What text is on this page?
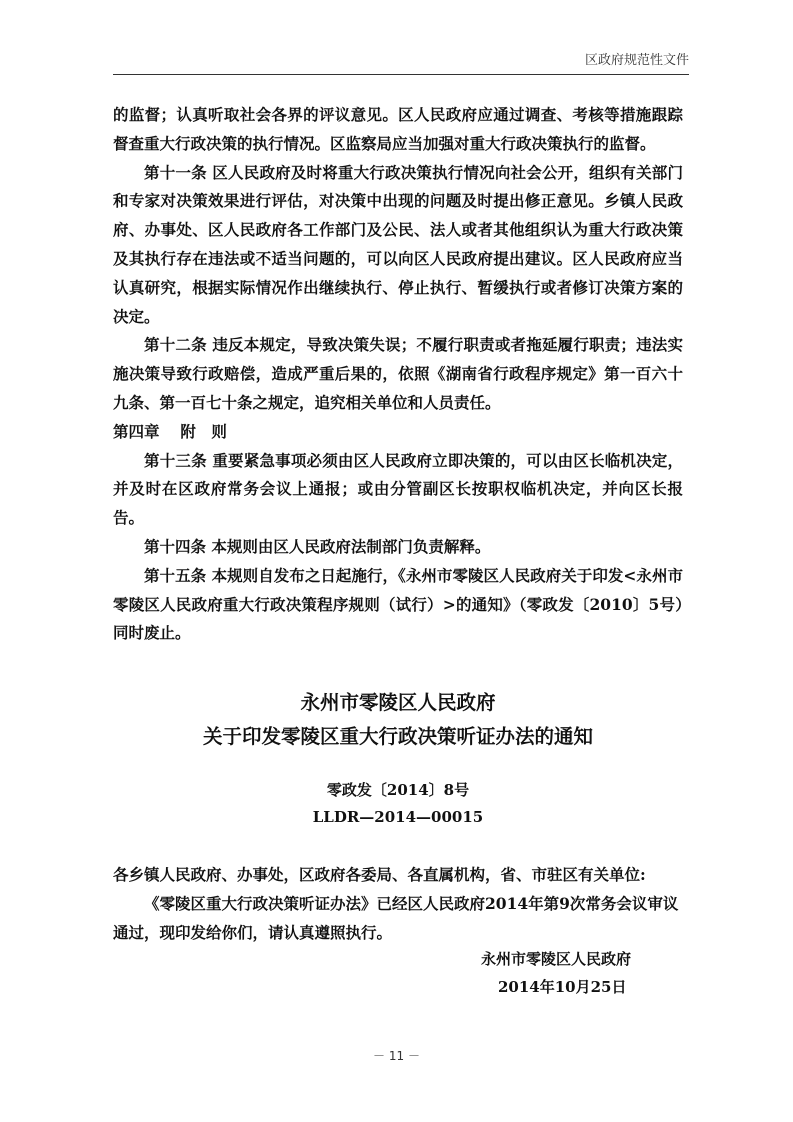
区政府规范性文件

的监督；认真听取社会各界的评议意见。区人民政府应通过调查、考核等措施跟踪督查重大行政决策的执行情况。区监察局应当加强对重大行政决策执行的监督。

第十一条 区人民政府及时将重大行政决策执行情况向社会公开，组织有关部门和专家对决策效果进行评估，对决策中出现的问题及时提出修正意见。乡镇人民政府、办事处、区人民政府各工作部门及公民、法人或者其他组织认为重大行政决策及其执行存在违法或不适当问题的，可以向区人民政府提出建议。区人民政府应当认真研究，根据实际情况作出继续执行、停止执行、暂缓执行或者修订决策方案的决定。

第十二条 违反本规定，导致决策失误；不履行职责或者拖延履行职责；违法实施决策导致行政赔偿，造成严重后果的，依照《湖南省行政程序规定》第一百六十九条、第一百七十条之规定，追究相关单位和人员责任。

第四章　 附　则

第十三条 重要紧急事项必须由区人民政府立即决策的，可以由区长临机决定，并及时在区政府常务会议上通报；或由分管副区长按职权临机决定，并向区长报告。

第十四条 本规则由区人民政府法制部门负责解释。

第十五条 本规则自发布之日起施行，《永州市零陵区人民政府关于印发<永州市零陵区人民政府重大行政决策程序规则（试行）>的通知》（零政发〔2010〕5号）同时废止。

永州市零陵区人民政府
关于印发零陵区重大行政决策听证办法的通知
零政发〔2014〕8号
LLDR—2014—00015

各乡镇人民政府、办事处，区政府各委局、各直属机构，省、市驻区有关单位:

《零陵区重大行政决策听证办法》已经区人民政府2014年第9次常务会议审议通过，现印发给你们，请认真遵照执行。

永州市零陵区人民政府
2014年10月25日
－ 11 －
